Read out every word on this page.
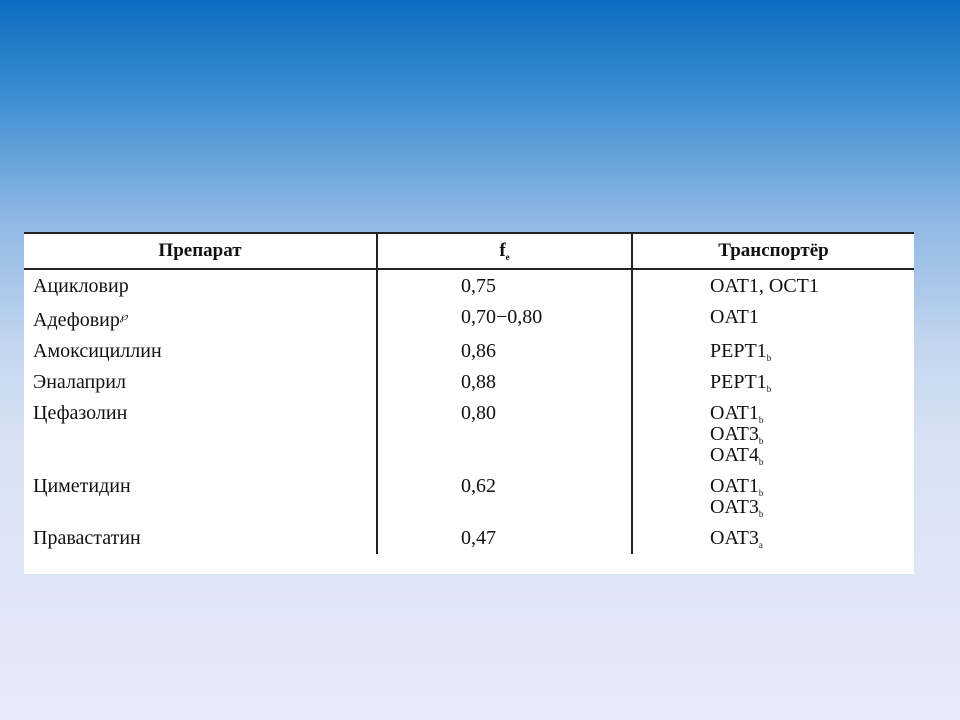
Препарат	$f_e$	Транспортёр
Ацикловир	0,75	OAT1, OCT1

Адефовир℘	0,70−0,80	OAT1

Амоксициллин	0,86	$PEPT1_b$

Эналаприл	0,88	$PEPT1_b$

Цефазолин	0,80	$OAT1_b$
$OAT3_b$
$OAT4_b$

Циметидин	0,62	$OAT1_b$
$OAT3_b$

Правастатин	0,47	$OAT3_a$
